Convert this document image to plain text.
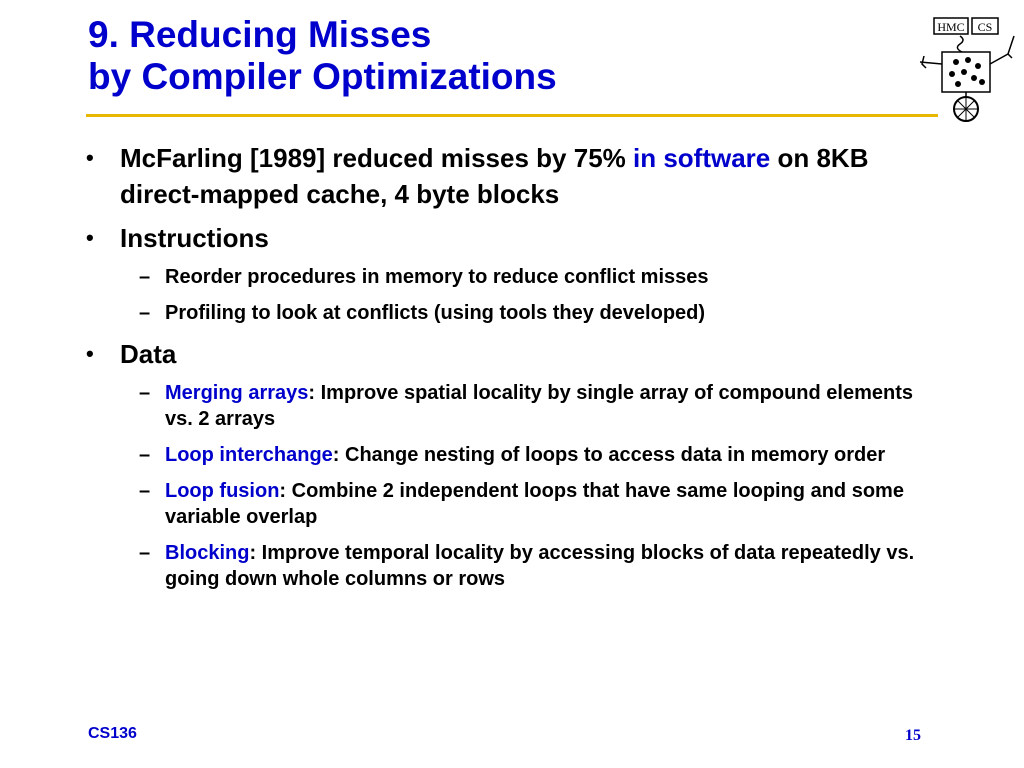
9. Reducing Misses
by Compiler Optimizations
HMC CS
• McFarling [1989] reduced misses by 75% in software on 8KB direct-mapped cache, 4 byte blocks
• Instructions
– Reorder procedures in memory to reduce conflict misses
– Profiling to look at conflicts (using tools they developed)
• Data
– Merging arrays: Improve spatial locality by single array of compound elements vs. 2 arrays
– Loop interchange: Change nesting of loops to access data in memory order
– Loop fusion: Combine 2 independent loops that have same looping and some variable overlap
– Blocking: Improve temporal locality by accessing blocks of data repeatedly vs. going down whole columns or rows
CS136	15
